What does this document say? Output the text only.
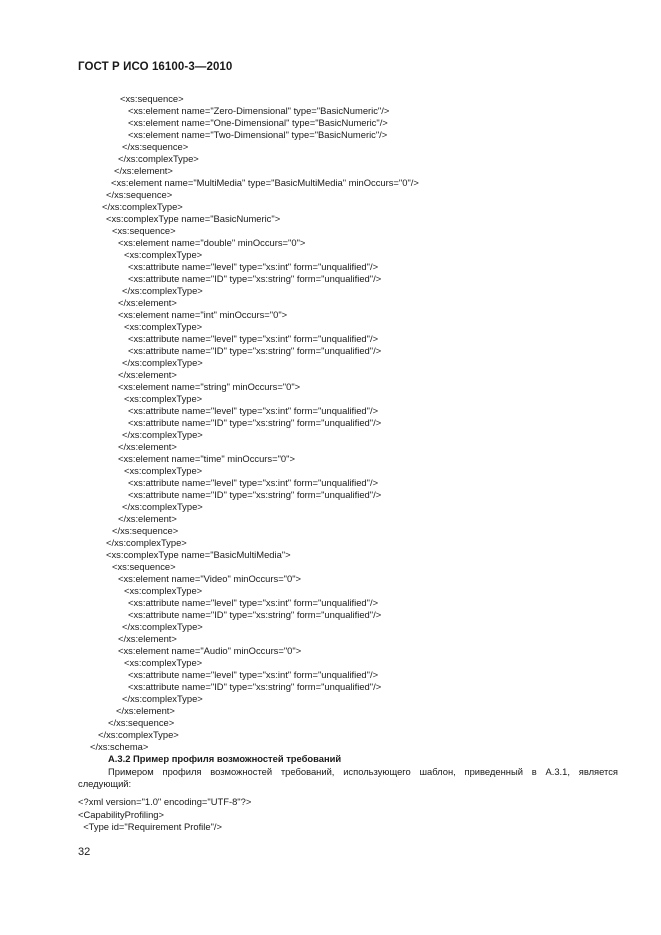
ГОСТ Р ИСО 16100-3—2010
<xs:sequence>
<xs:element name="Zero-Dimensional" type="BasicNumeric"/>
<xs:element name="One-Dimensional" type="BasicNumeric"/>
<xs:element name="Two-Dimensional" type="BasicNumeric"/>
</xs:sequence>
</xs:complexType>
</xs:element>
<xs:element name="MultiMedia" type="BasicMultiMedia" minOccurs="0"/>
</xs:sequence>
</xs:complexType>
<xs:complexType name="BasicNumeric">
<xs:sequence>
<xs:element name="double" minOccurs="0">
<xs:complexType>
<xs:attribute name="level" type="xs:int" form="unqualified"/>
<xs:attribute name="ID" type="xs:string" form="unqualified"/>
</xs:complexType>
</xs:element>
<xs:element name="int" minOccurs="0">
<xs:complexType>
<xs:attribute name="level" type="xs:int" form="unqualified"/>
<xs:attribute name="ID" type="xs:string" form="unqualified"/>
</xs:complexType>
</xs:element>
<xs:element name="string" minOccurs="0">
<xs:complexType>
<xs:attribute name="level" type="xs:int" form="unqualified"/>
<xs:attribute name="ID" type="xs:string" form="unqualified"/>
</xs:complexType>
</xs:element>
<xs:element name="time" minOccurs="0">
<xs:complexType>
<xs:attribute name="level" type="xs:int" form="unqualified"/>
<xs:attribute name="ID" type="xs:string" form="unqualified"/>
</xs:complexType>
</xs:element>
</xs:sequence>
</xs:complexType>
<xs:complexType name="BasicMultiMedia">
<xs:sequence>
<xs:element name="Video" minOccurs="0">
<xs:complexType>
<xs:attribute name="level" type="xs:int" form="unqualified"/>
<xs:attribute name="ID" type="xs:string" form="unqualified"/>
</xs:complexType>
</xs:element>
<xs:element name="Audio" minOccurs="0">
<xs:complexType>
<xs:attribute name="level" type="xs:int" form="unqualified"/>
<xs:attribute name="ID" type="xs:string" form="unqualified"/>
</xs:complexType>
</xs:element>
</xs:sequence>
</xs:complexType>
</xs:schema>
А.3.2 Пример профиля возможностей требований

Примером профиля возможностей требований, использующего шаблон, приведенный в А.3.1, является следующий:

<?xml version="1.0" encoding="UTF-8"?>
<CapabilityProfiling>
<Type id="Requirement Profile"/>
32
